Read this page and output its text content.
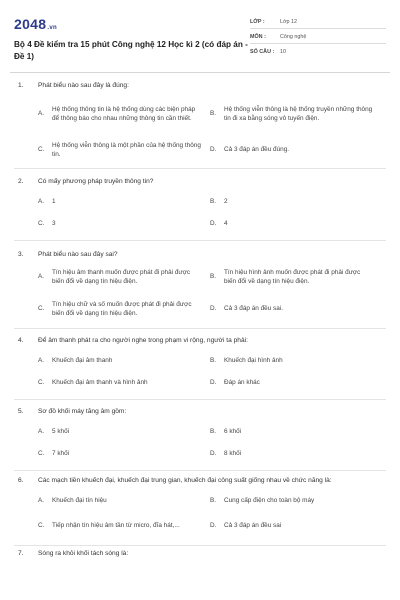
2048.vn
Bộ 4 Đề kiểm tra 15 phút Công nghệ 12 Học kì 2 (có đáp án - Đề 1)
LỚP :	Lớp 12
MÔN :	Công nghệ
SỐ CÂU :	10
1.	Phát biểu nào sau đây là đúng:
A.
Hệ thống thông tin là hệ thống dùng các biện pháp để thông báo cho nhau những thông tin cần thiết.
B.
Hệ thống viễn thông là hệ thống truyền những thông tin đi xa bằng sóng vô tuyến điện.
C.
Hệ thống viễn thông là một phần của hệ thống thông tin.
D.	Cả 3 đáp án đều đúng.
2.	Có mấy phương pháp truyền thông tin?
A.	1	B.	2
C.	3	D.	4
3.	Phát biểu nào sau đây sai?
A.
Tín hiệu âm thanh muốn được phát đi phải được biến đổi về dạng tín hiệu điện.
B.
Tín hiệu hình ảnh muốn được phát đi phải được biến đổi về dạng tín hiệu điện.
C.
Tín hiệu chữ và số muốn được phát đi phải được biến đổi về dạng tín hiệu điện.
D.	Cả 3 đáp án đều sai.
4.	Để âm thanh phát ra cho người nghe trong phạm vi rộng, người ta phải:
A.	Khuếch đại âm thanh	B.	Khuếch đại hình ảnh
C.	Khuếch đại âm thanh và hình ảnh	D.	Đáp án khác
5.	Sơ đồ khối máy tăng âm gồm:
A.	5 khối	B.	6 khối
C.	7 khối	D.	8 khối
6.	Các mạch tiền khuếch đại, khuếch đại trung gian, khuếch đại công suất giống nhau về chức năng là:
A.	Khuếch đại tín hiệu	B.	Cung cấp điện cho toàn bộ máy
C.	Tiếp nhận tín hiệu âm tần từ micro, đĩa hát,...	D.	Cả 3 đáp án đều sai
7.	Sóng ra khỏi khối tách sóng là:
